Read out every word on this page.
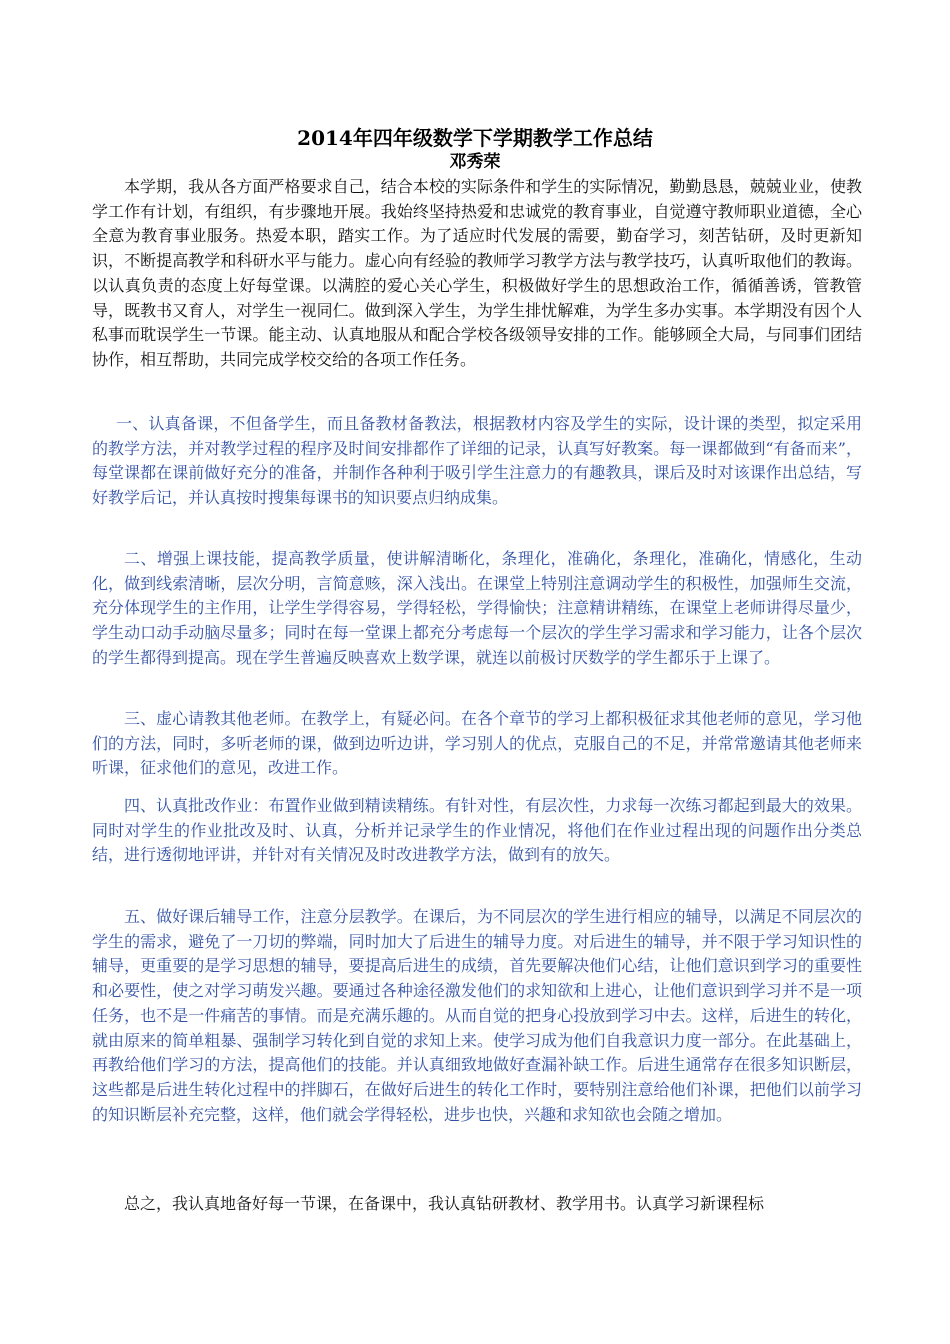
2014年四年级数学下学期教学工作总结
邓秀荣

本学期，我从各方面严格要求自己，结合本校的实际条件和学生的实际情况，勤勤恳恳，兢兢业业，使教学工作有计划，有组织，有步骤地开展。我始终坚持热爱和忠诚党的教育事业，自觉遵守教师职业道德，全心全意为教育事业服务。热爱本职，踏实工作。为了适应时代发展的需要，勤奋学习，刻苦钻研，及时更新知识，不断提高教学和科研水平与能力。虚心向有经验的教师学习教学方法与教学技巧，认真听取他们的教诲。以认真负责的态度上好每堂课。以满腔的爱心关心学生，积极做好学生的思想政治工作，循循善诱，管教管导，既教书又育人，对学生一视同仁。做到深入学生，为学生排忧解难，为学生多办实事。本学期没有因个人私事而耽误学生一节课。能主动、认真地服从和配合学校各级领导安排的工作。能够顾全大局，与同事们团结协作，相互帮助，共同完成学校交给的各项工作任务。

一、认真备课，不但备学生，而且备教材备教法，根据教材内容及学生的实际，设计课的类型，拟定采用的教学方法，并对教学过程的程序及时间安排都作了详细的记录，认真写好教案。每一课都做到“有备而来”， 每堂课都在课前做好充分的准备，并制作各种利于吸引学生注意力的有趣教具，课后及时对该课作出总结，写好教学后记，并认真按时搜集每课书的知识要点归纳成集。

二、增强上课技能，提高教学质量，使讲解清晰化，条理化，准确化，条理化，准确化，情感化，生动化，做到线索清晰，层次分明，言简意赅，深入浅出。在课堂上特别注意调动学生的积极性，加强师生交流，充分体现学生的主作用，让学生学得容易，学得轻松，学得愉快；注意精讲精练，在课堂上老师讲得尽量少，学生动口动手动脑尽量多；同时在每一堂课上都充分考虑每一个层次的学生学习需求和学习能力，让各个层次的学生都得到提高。现在学生普遍反映喜欢上数学课，就连以前极讨厌数学的学生都乐于上课了。

三、虚心请教其他老师。在教学上，有疑必问。在各个章节的学习上都积极征求其他老师的意见，学习他们的方法，同时，多听老师的课，做到边听边讲，学习别人的优点，克服自己的不足，并常常邀请其他老师来听课，征求他们的意见，改进工作。

四、认真批改作业：布置作业做到精读精练。有针对性，有层次性，力求每一次练习都起到最大的效果。同时对学生的作业批改及时、认真，分析并记录学生的作业情况，将他们在作业过程出现的问题作出分类总结，进行透彻地评讲，并针对有关情况及时改进教学方法，做到有的放矢。

五、做好课后辅导工作，注意分层教学。在课后，为不同层次的学生进行相应的辅导，以满足不同层次的学生的需求，避免了一刀切的弊端，同时加大了后进生的辅导力度。对后进生的辅导，并不限于学习知识性的辅导，更重要的是学习思想的辅导，要提高后进生的成绩，首先要解决他们心结，让他们意识到学习的重要性和必要性，使之对学习萌发兴趣。要通过各种途径激发他们的求知欲和上进心，让他们意识到学习并不是一项任务，也不是一件痛苦的事情。而是充满乐趣的。从而自觉的把身心投放到学习中去。这样，后进生的转化，就由原来的简单粗暴、强制学习转化到自觉的求知上来。使学习成为他们自我意识力度一部分。在此基础上，再教给他们学习的方法，提高他们的技能。并认真细致地做好查漏补缺工作。后进生通常存在很多知识断层，这些都是后进生转化过程中的拌脚石，在做好后进生的转化工作时，要特别注意给他们补课，把他们以前学习的知识断层补充完整，这样，他们就会学得轻松，进步也快，兴趣和求知欲也会随之增加。

总之，我认真地备好每一节课，在备课中，我认真钻研教材、教学用书。认真学习新课程标
